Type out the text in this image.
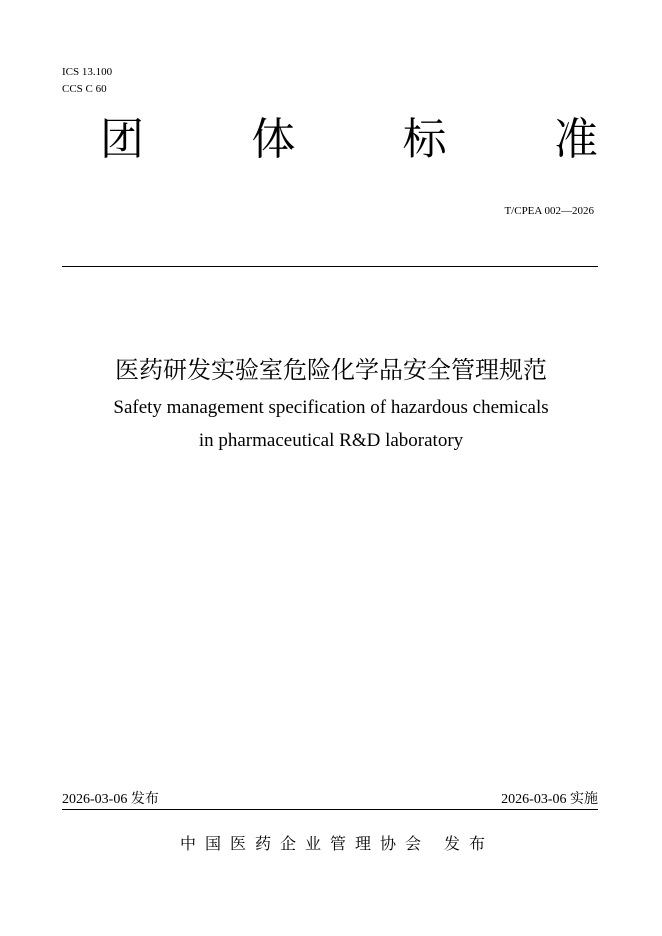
ICS 13.100
CCS C 60
团 体 标 准
T/CPEA 002—2026
医药研发实验室危险化学品安全管理规范
Safety management specification of hazardous chemicals
in pharmaceutical R&D laboratory
2026-03-06 发布	2026-03-06 实施
中国医药企业管理协会 发布
